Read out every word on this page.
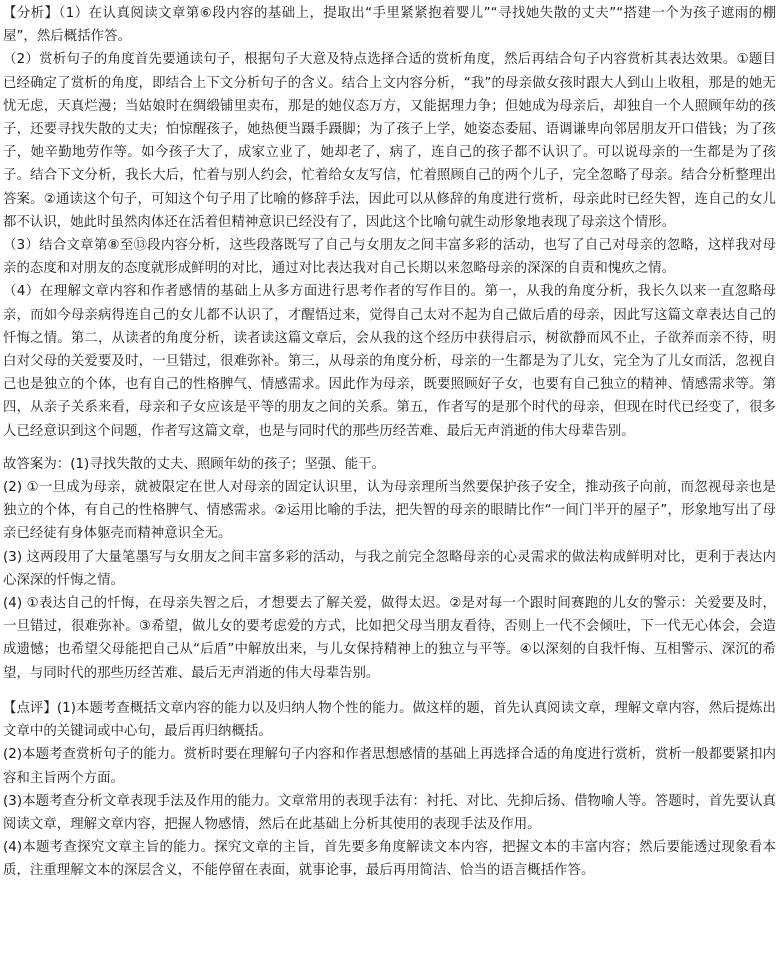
【分析】（1）在认真阅读文章第⑥段内容的基础上，提取出“手里紧紧抱着婴儿”“寻找她失散的丈夫”“搭建一个为孩子遮雨的棚屋”，然后概括作答。

（2）赏析句子的角度首先要通读句子，根据句子大意及特点选择合适的赏析角度，然后再结合句子内容赏析其表达效果。①题目已经确定了赏析的角度，即结合上下文分析句子的含义。结合上文内容分析，“我”的母亲做女孩时跟大人到山上收租，那是的她无忧无虑，天真烂漫；当姑娘时在绸缎铺里卖布，那是的她仪态万方，又能据理力争；但她成为母亲后，却独自一个人照顾年幼的孩子，还要寻找失散的丈夫；怕惊醒孩子，她热便当蹑手蹑脚；为了孩子上学，她姿态委屈、语调谦卑向邻居朋友开口借钱；为了孩子，她辛勤地劳作等。如今孩子大了，成家立业了，她却老了，病了，连自己的孩子都不认识了。可以说母亲的一生都是为了孩子。结合下文分析，我长大后，忙着与别人约会，忙着给女友写信，忙着照顾自己的两个儿子，完全忽略了母亲。结合分析整理出答案。②通读这个句子，可知这个句子用了比喻的修辞手法，因此可以从修辞的角度进行赏析，母亲此时已经失智，连自己的女儿都不认识，她此时虽然肉体还在活着但精神意识已经没有了，因此这个比喻句就生动形象地表现了母亲这个情形。

（3）结合文章第⑧至⑬段内容分析，这些段落既写了自己与女朋友之间丰富多彩的活动，也写了自己对母亲的忽略，这样我对母亲的态度和对朋友的态度就形成鲜明的对比，通过对比表达我对自己长期以来忽略母亲的深深的自责和愧疚之情。

（4）在理解文章内容和作者感情的基础上从多方面进行思考作者的写作目的。第一，从我的角度分析，我长久以来一直忽略母亲，而如今母亲病得连自己的女儿都不认识了，才醒悟过来，觉得自己太对不起为自己做后盾的母亲，因此写这篇文章表达自己的忏悔之情。第二，从读者的角度分析，读者读这篇文章后，会从我的这个经历中获得启示，树欲静而风不止，子欲养而亲不待，明白对父母的关爱要及时，一旦错过，很难弥补。第三，从母亲的角度分析，母亲的一生都是为了儿女，完全为了儿女而活，忽视自己也是独立的个体，也有自己的性格脾气、情感需求。因此作为母亲，既要照顾好子女，也要有自己独立的精神、情感需求等。第四，从亲子关系来看，母亲和子女应该是平等的朋友之间的关系。第五，作者写的是那个时代的母亲，但现在时代已经变了，很多人已经意识到这个问题，作者写这篇文章，也是与同时代的那些历经苦难、最后无声消逝的伟大母辈告别。

故答案为：(1)寻找失散的丈夫、照顾年幼的孩子；坚强、能干。

(2) ①一旦成为母亲，就被限定在世人对母亲的固定认识里，认为母亲理所当然要保护孩子安全，推动孩子向前，而忽视母亲也是独立的个体，有自己的性格脾气、情感需求。②运用比喻的手法，把失智的母亲的眼睛比作“一间门半开的屋子”，形象地写出了母亲已经徒有身体躯壳而精神意识全无。

(3) 这两段用了大量笔墨写与女朋友之间丰富多彩的活动，与我之前完全忽略母亲的心灵需求的做法构成鲜明对比，更利于表达内心深深的忏悔之情。

(4) ①表达自己的忏悔，在母亲失智之后，才想要去了解关爱，做得太迟。②是对每一个跟时间赛跑的儿女的警示：关爱要及时，一旦错过，很难弥补。③希望，做儿女的要考虑爱的方式，比如把父母当朋友看待，否则上一代不会倾吐，下一代无心体会，会造成遗憾；也希望父母能把自己从“后盾”中解放出来，与儿女保持精神上的独立与平等。④以深刻的自我忏悔、互相警示、深沉的希望，与同时代的那些历经苦难、最后无声消逝的伟大母辈告别。

【点评】(1)本题考查概括文章内容的能力以及归纳人物个性的能力。做这样的题，首先认真阅读文章，理解文章内容，然后提炼出文章中的关键词或中心句，最后再归纳概括。

(2)本题考查赏析句子的能力。赏析时要在理解句子内容和作者思想感情的基础上再选择合适的角度进行赏析，赏析一般都要紧扣内容和主旨两个方面。

(3)本题考查分析文章表现手法及作用的能力。文章常用的表现手法有：衬托、对比、先抑后扬、借物喻人等。答题时，首先要认真阅读文章，理解文章内容，把握人物感情，然后在此基础上分析其使用的表现手法及作用。

(4)本题考查探究文章主旨的能力。探究文章的主旨，首先要多角度解读文本内容，把握文本的丰富内容；然后要能透过现象看本质，注重理解文本的深层含义，不能停留在表面，就事论事，最后再用简洁、恰当的语言概括作答。
